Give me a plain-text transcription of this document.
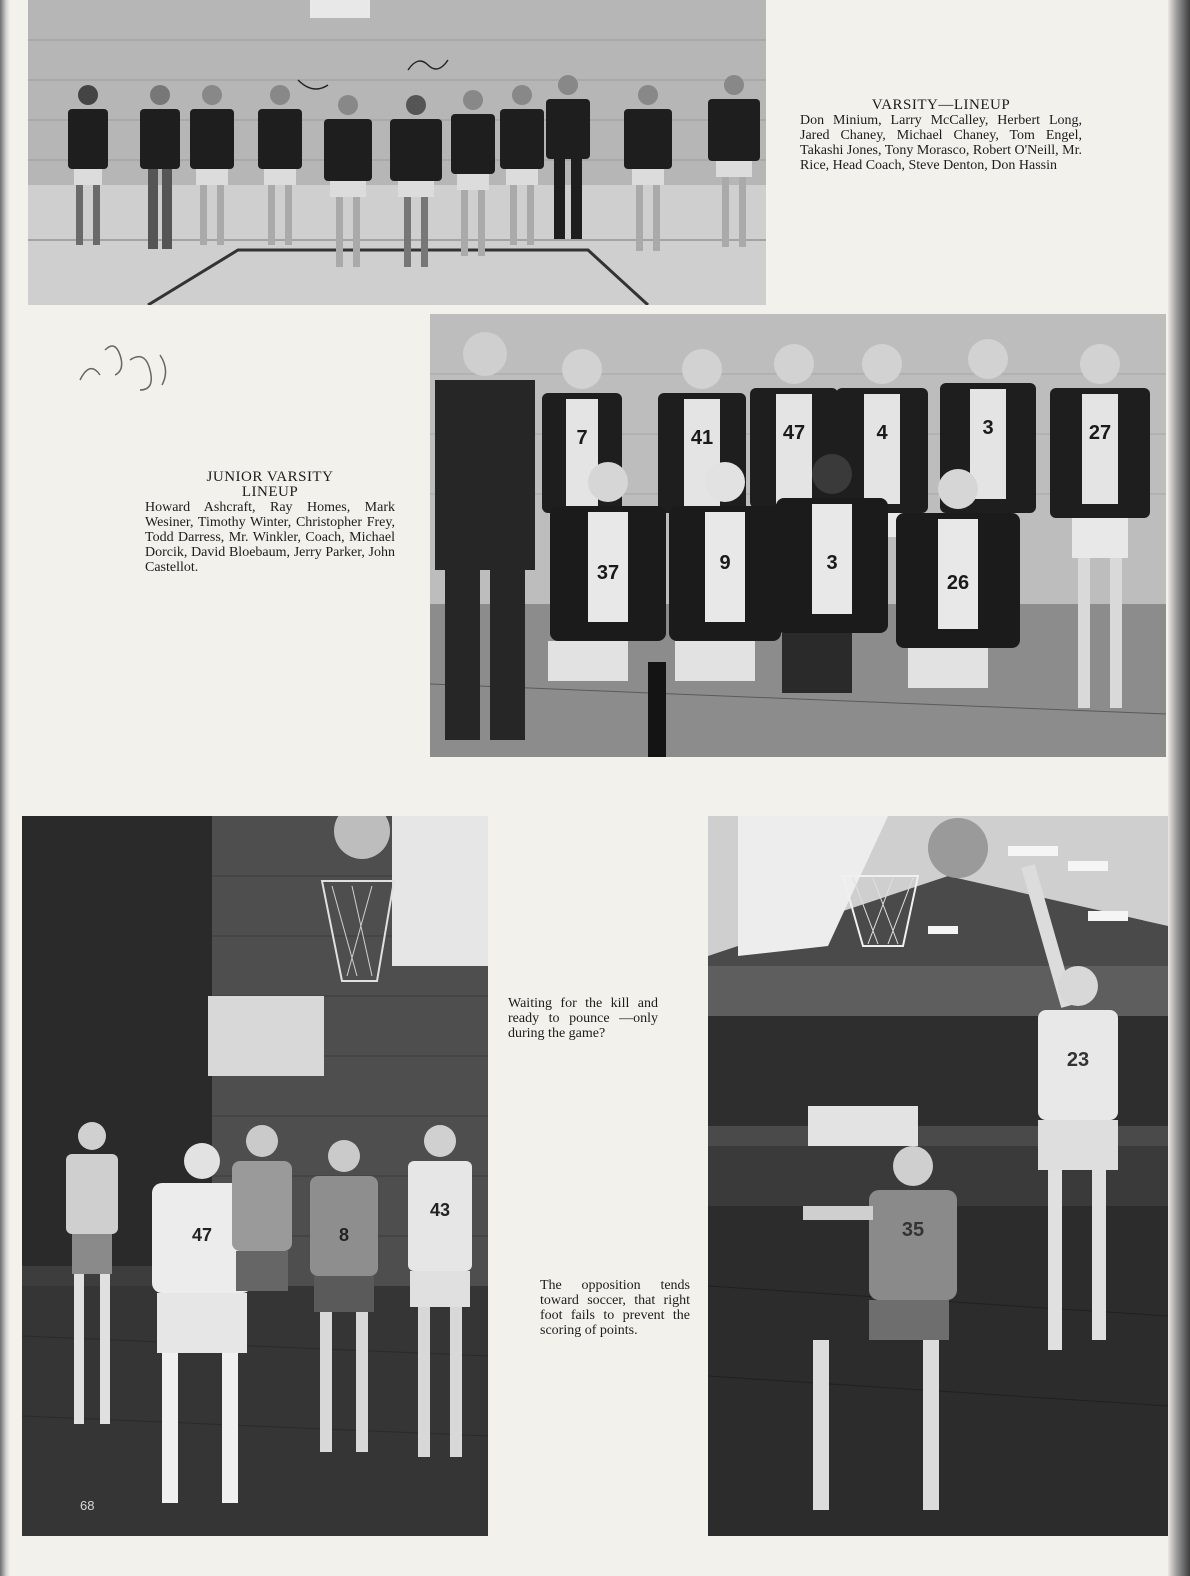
VARSITY—LINEUP
Don Minium, Larry McCalley, Herbert Long, Jared Chaney, Michael Chaney, Tom Engel, Takashi Jones, Tony Morasco, Robert O'Neill, Mr. Rice, Head Coach, Steve Denton, Don Hassin
JUNIOR VARSITY
LINEUP
Howard Ashcraft, Ray Homes, Mark Wesiner, Timothy Winter, Christopher Frey, Todd Darress, Mr. Winkler, Coach, Michael Dorcik, David Bloebaum, Jerry Parker, John Castellot.
7	41	47	4	3	27
37	9	3
26
47	8
43
Waiting for the kill and ready to pounce —only during the game?
The opposition tends toward soccer, that right foot fails to prevent the scoring of points.
23
35
68
